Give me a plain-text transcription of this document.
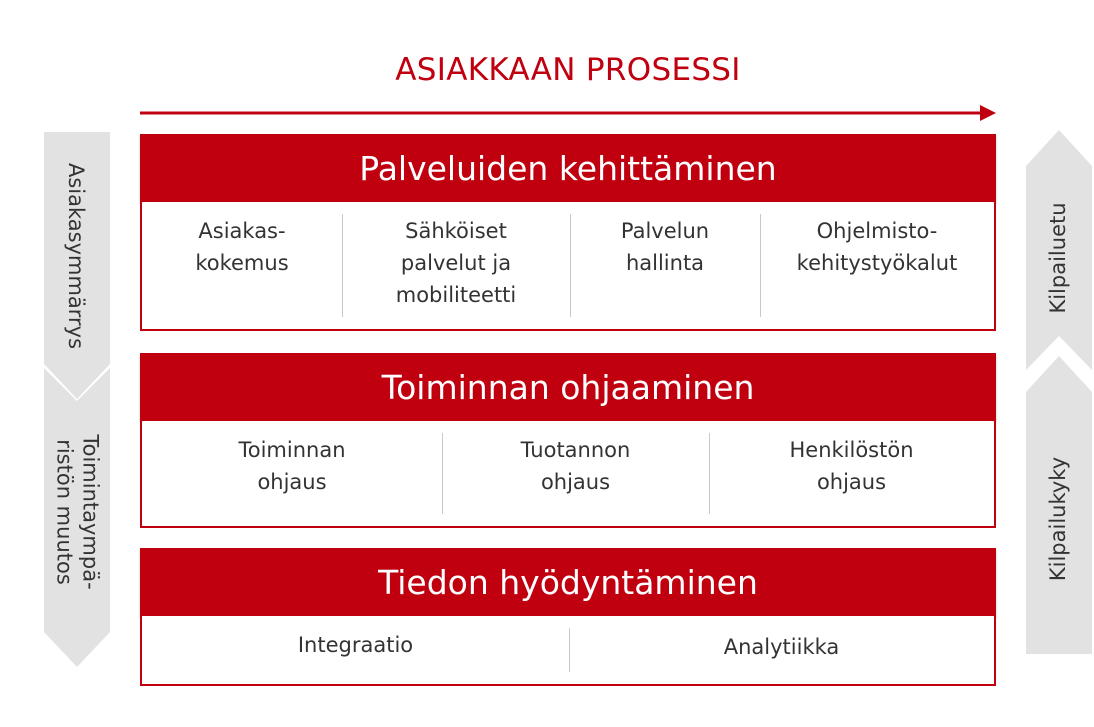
ASIAKKAAN PROSESSI
Asiakasymmärrys
Toimintaympä-
ristön muutos
Kilpailuetu
Kilpailukyky
Palveluiden kehittäminen
Asiakas-
kokemus
Sähköiset
palvelut ja
mobiliteetti
Palvelun
hallinta
Ohjelmisto-
kehitystyökalut
Toiminnan ohjaaminen
Toiminnan
ohjaus
Tuotannon
ohjaus
Henkilöstön
ohjaus
Tiedon hyödyntäminen
Integraatio	Analytiikka
